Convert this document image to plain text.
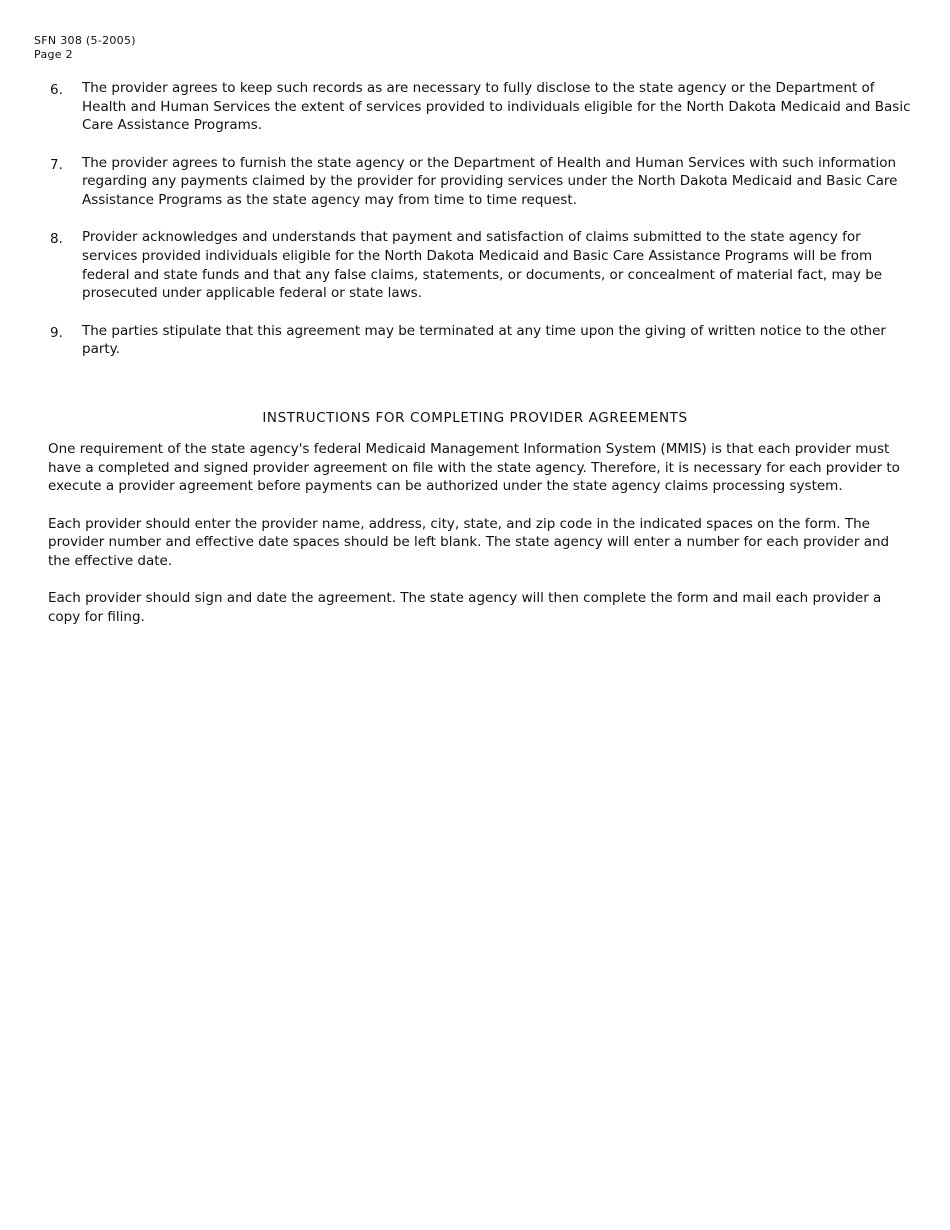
SFN 308 (5-2005)
Page 2
6. The provider agrees to keep such records as are necessary to fully disclose to the state agency or the Department of Health and Human Services the extent of services provided to individuals eligible for the North Dakota Medicaid and Basic Care Assistance Programs.
7. The provider agrees to furnish the state agency or the Department of Health and Human Services with such information regarding any payments claimed by the provider for providing services under the North Dakota Medicaid and Basic Care Assistance Programs as the state agency may from time to time request.
8. Provider acknowledges and understands that payment and satisfaction of claims submitted to the state agency for services provided individuals eligible for the North Dakota Medicaid and Basic Care Assistance Programs will be from federal and state funds and that any false claims, statements, or documents, or concealment of material fact, may be prosecuted under applicable federal or state laws.
9. The parties stipulate that this agreement may be terminated at any time upon the giving of written notice to the other party.
INSTRUCTIONS FOR COMPLETING PROVIDER AGREEMENTS

One requirement of the state agency's federal Medicaid Management Information System (MMIS) is that each provider must have a completed and signed provider agreement on file with the state agency. Therefore, it is necessary for each provider to execute a provider agreement before payments can be authorized under the state agency claims processing system.

Each provider should enter the provider name, address, city, state, and zip code in the indicated spaces on the form. The provider number and effective date spaces should be left blank. The state agency will enter a number for each provider and the effective date.

Each provider should sign and date the agreement. The state agency will then complete the form and mail each provider a copy for filing.
